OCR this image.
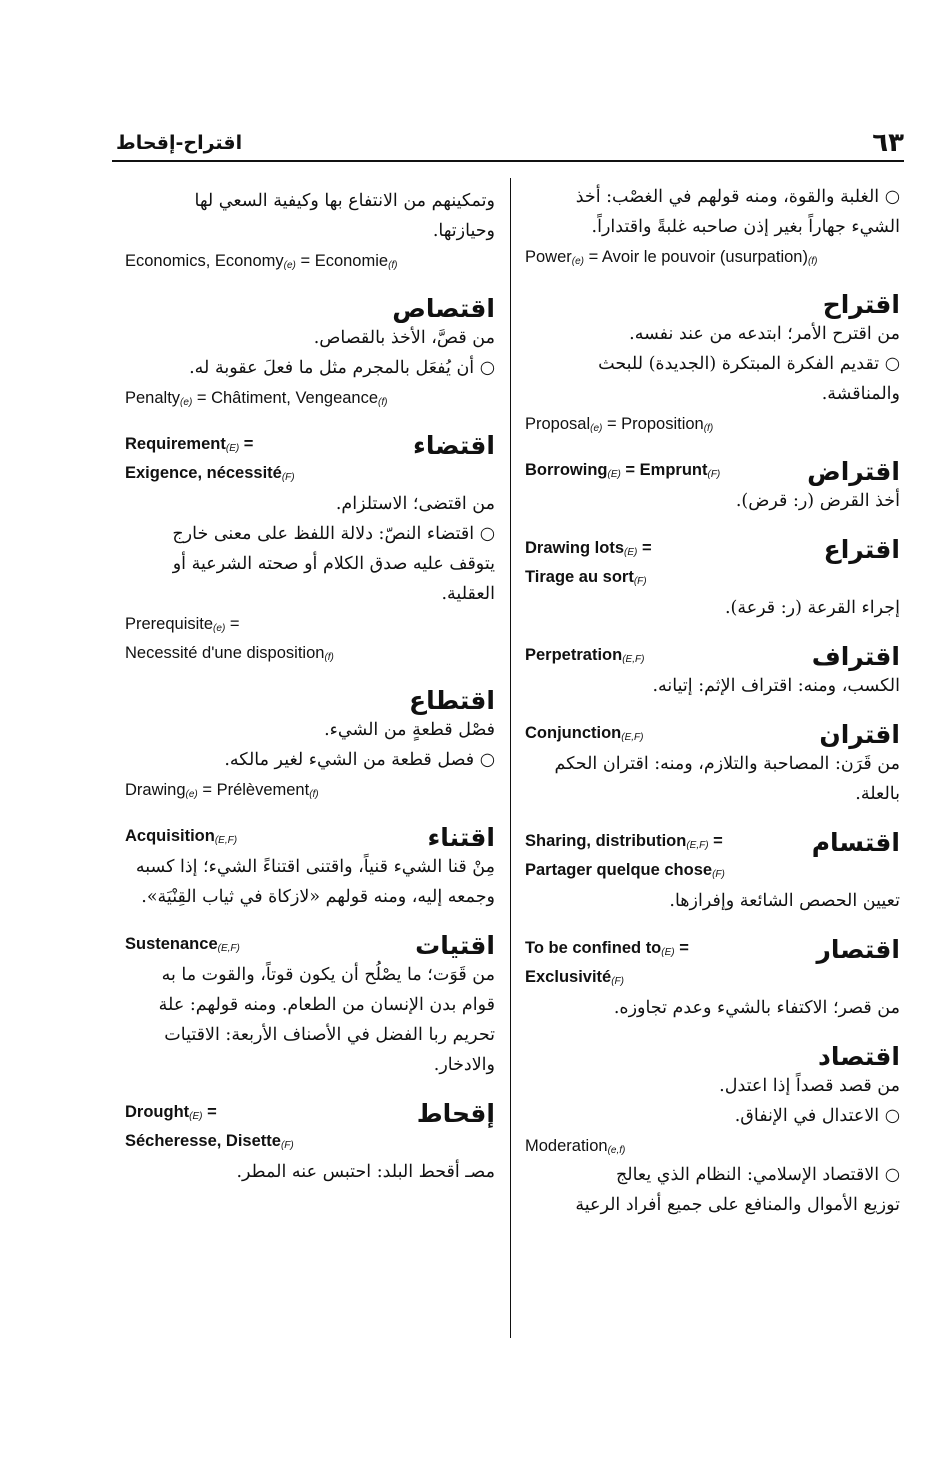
اقتراح-إقحاط	٦٣
○ الغلبة والقوة، ومنه قولهم في الغصْب: أخذ
الشيء جهاراً بغير إذن صاحبه غلبةً واقتداراً.
Power$_{(e)}$ = Avoir le pouvoir $(usurpation)_{(f)}$
اقتراح
من اقترح الأمر؛ ابتدعه من عند نفسه.
○ تقديم الفكرة المبتكرة (الجديدة) للبحث
والمناقشة.
Proposal$_{(e)}$ = Proposition$_{(f)}$
Borrowing$_{(E)}$ = Emprunt$_{(F)}$	اقتراض
أخذ القرض (ر: قرض).
Drawing lots$_{(E)}$ =	اقتراع
Tirage au sort$_{(F)}$
إجراء القرعة (ر: قرعة).
Perpetration$_{(E,F)}$	اقتراف
الكسب، ومنه: اقتراف الإثم: إتيانه.
Conjunction$_{(E,F)}$	اقتران
من قَرَن: المصاحبة والتلازم، ومنه: اقتران الحكم
بالعلة.
Sharing, distribution$_{(E,F)}$ =	اقتسام
Partager quelque chose$_{(F)}$
تعيين الحصص الشائعة وإفرازها.
To be confined $to_{(E)}$ =	اقتصار
Exclusivité$_{(F)}$
من قصر؛ الاكتفاء بالشيء وعدم تجاوزه.
اقتصاد
من قصد قصداً إذا اعتدل.
○ الاعتدال في الإنفاق.
Moderation$_{(e,f)}$
○ الاقتصاد الإسلامي: النظام الذي يعالج
توزيع الأموال والمنافع على جميع أفراد الرعية
وتمكينهم من الانتفاع بها وكيفية السعي لها
وحيازتها.
Economics, Economy$_{(e)}$ = Economie$_{(f)}$
اقتصاص
من قصَّ، الأخذ بالقصاص.
○ أن يُفعَل بالمجرم مثل ما فعلَ عقوبة له.
Penalty$_{(e)}$ = Châtiment, Vengeance$_{(f)}$
Requirement$_{(E)}$ =	اقتضاء
Exigence, nécessité$_{(F)}$
من اقتضى؛ الاستلزام.
○ اقتضاء النصّ: دلالة اللفظ على معنى خارج
يتوقف عليه صدق الكلام أو صحته الشرعية أو
العقلية.
Prerequisite$_{(e)}$ =
Necessité d'une disposition$_{(f)}$
اقتطاع
فصْل قطعةٍ من الشيء.
○ فصل قطعة من الشيء لغير مالكه.
Drawing$_{(e)}$ = Prélèvement$_{(f)}$
Acquisition$_{(E,F)}$	اقتناء
مِنْ قنا الشيء قنياً، واقتنى اقتناءً الشيء؛ إذا كسبه
وجمعه إليه، ومنه قولهم «لازكاة في ثياب القِنْيَة».
Sustenance$_{(E,F)}$	اقتيات
من قَوَت؛ ما يصْلُح أن يكون قوتاً، والقوت ما به
قوام بدن الإنسان من الطعام. ومنه قولهم: علة
تحريم ربا الفضل في الأصناف الأربعة: الاقتيات
والادخار.
Drought$_{(E)}$ =	إقحاط
Sécheresse, Disette$_{(F)}$
مصـ أقحط البلد: احتبس عنه المطر.
